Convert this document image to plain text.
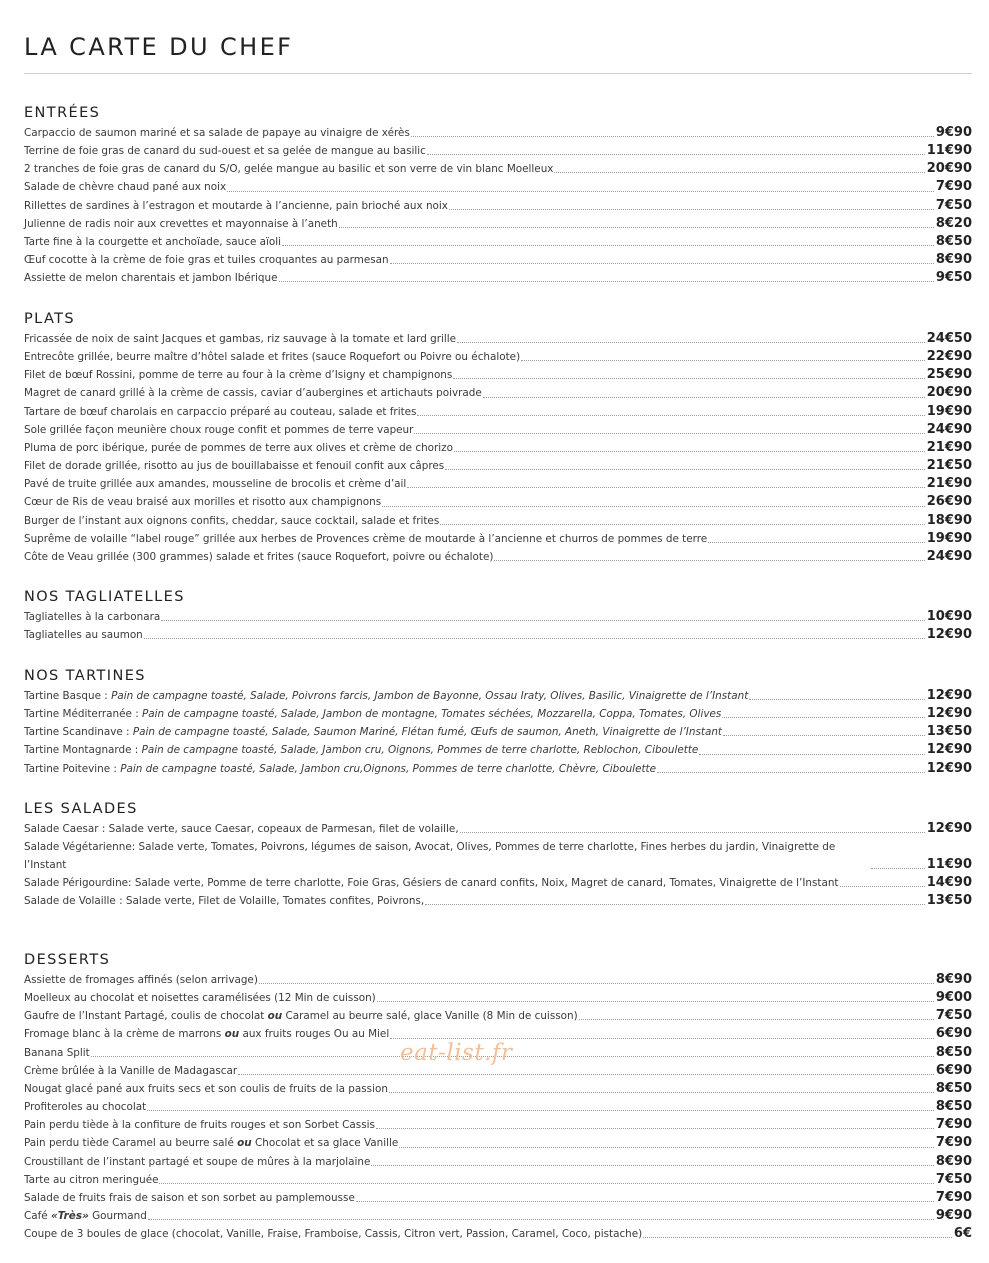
LA CARTE DU CHEF
ENTRÉES
Carpaccio de saumon mariné et sa salade de papaye au vinaigre de xérès	9€90
Terrine de foie gras de canard du sud-ouest et sa gelée de mangue au basilic	11€90
2 tranches de foie gras de canard du S/O, gelée mangue au basilic et son verre de vin blanc Moelleux	20€90
Salade de chèvre chaud pané aux noix	7€90
Rillettes de sardines à l’estragon et moutarde à l’ancienne, pain brioché aux noix	7€50
Julienne de radis noir aux crevettes et mayonnaise à l’aneth	8€20
Tarte fine à la courgette et anchoïade, sauce aïoli	8€50
Œuf cocotte à la crème de foie gras et tuiles croquantes au parmesan	8€90
Assiette de melon charentais et jambon Ibérique	9€50
PLATS
Fricassée de noix de saint Jacques et gambas, riz sauvage à la tomate et lard grille	24€50
Entrecôte grillée, beurre maître d’hôtel salade et frites (sauce Roquefort ou Poivre ou échalote)	22€90
Filet de bœuf Rossini, pomme de terre au four à la crème d’Isigny et champignons	25€90
Magret de canard grillé à la crème de cassis, caviar d’aubergines et artichauts poivrade	20€90
Tartare de bœuf charolais en carpaccio préparé au couteau, salade et frites	19€90
Sole grillée façon meunière choux rouge confit et pommes de terre vapeur	24€90
Pluma de porc ibérique, purée de pommes de terre aux olives et crème de chorizo	21€90
Filet de dorade grillée, risotto au jus de bouillabaisse et fenouil confit aux câpres	21€50
Pavé de truite grillée aux amandes, mousseline de brocolis et crème d’ail	21€90
Cœur de Ris de veau braisé aux morilles et risotto aux champignons	26€90
Burger de l’instant aux oignons confits, cheddar, sauce cocktail, salade et frites	18€90
Suprême de volaille “label rouge” grillée aux herbes de Provences crème de moutarde à l’ancienne et churros de pommes de terre	19€90
Côte de Veau grillée (300 grammes) salade et frites (sauce Roquefort, poivre ou échalote)	24€90
NOS TAGLIATELLES
Tagliatelles à la carbonara	10€90
Tagliatelles au saumon	12€90
NOS TARTINES
Tartine Basque : Pain de campagne toasté, Salade, Poivrons farcis, Jambon de Bayonne, Ossau Iraty, Olives, Basilic, Vinaigrette de l’Instant	12€90
Tartine Méditerranée : Pain de campagne toasté, Salade, Jambon de montagne, Tomates séchées, Mozzarella, Coppa, Tomates, Olives	12€90
Tartine Scandinave : Pain de campagne toasté, Salade, Saumon Mariné, Flétan fumé, Œufs de saumon, Aneth, Vinaigrette de l’Instant	13€50
Tartine Montagnarde : Pain de campagne toasté, Salade, Jambon cru, Oignons, Pommes de terre charlotte, Reblochon, Ciboulette	12€90
Tartine Poitevine : Pain de campagne toasté, Salade, Jambon cru,Oignons, Pommes de terre charlotte, Chèvre, Ciboulette	12€90
LES SALADES
Salade Caesar : Salade verte, sauce Caesar, copeaux de Parmesan, filet de volaille,	12€90
Salade Végétarienne: Salade verte, Tomates, Poivrons, légumes de saison, Avocat, Olives, Pommes de terre charlotte, Fines herbes du jardin, Vinaigrette de l’Instant	11€90
Salade Périgourdine: Salade verte, Pomme de terre charlotte, Foie Gras, Gésiers de canard confits, Noix, Magret de canard, Tomates, Vinaigrette de l’Instant	14€90
Salade de Volaille : Salade verte, Filet de Volaille, Tomates confites, Poivrons,	13€50
DESSERTS
Assiette de fromages affinés (selon arrivage)	8€90
Moelleux au chocolat et noisettes caramélisées (12 Min de cuisson)	9€00
Gaufre de l’Instant Partagé, coulis de chocolat ou Caramel au beurre salé, glace Vanille (8 Min de cuisson)	7€50
Fromage blanc à la crème de marrons ou aux fruits rouges Ou au Miel	6€90
Banana Split	8€50
Crème brûlée à la Vanille de Madagascar	6€90
Nougat glacé pané aux fruits secs et son coulis de fruits de la passion	8€50
Profiteroles au chocolat	8€50
Pain perdu tiède à la confiture de fruits rouges et son Sorbet Cassis	7€90
Pain perdu tiède Caramel au beurre salé ou Chocolat et sa glace Vanille	7€90
Croustillant de l’instant partagé et soupe de mûres à la marjolaine	8€90
Tarte au citron meringuée	7€50
Salade de fruits frais de saison et son sorbet au pamplemousse	7€90
Café «Très» Gourmand	9€90
Coupe de 3 boules de glace (chocolat, Vanille, Fraise, Framboise, Cassis, Citron vert, Passion, Caramel, Coco, pistache)	6€
eat-list.fr
